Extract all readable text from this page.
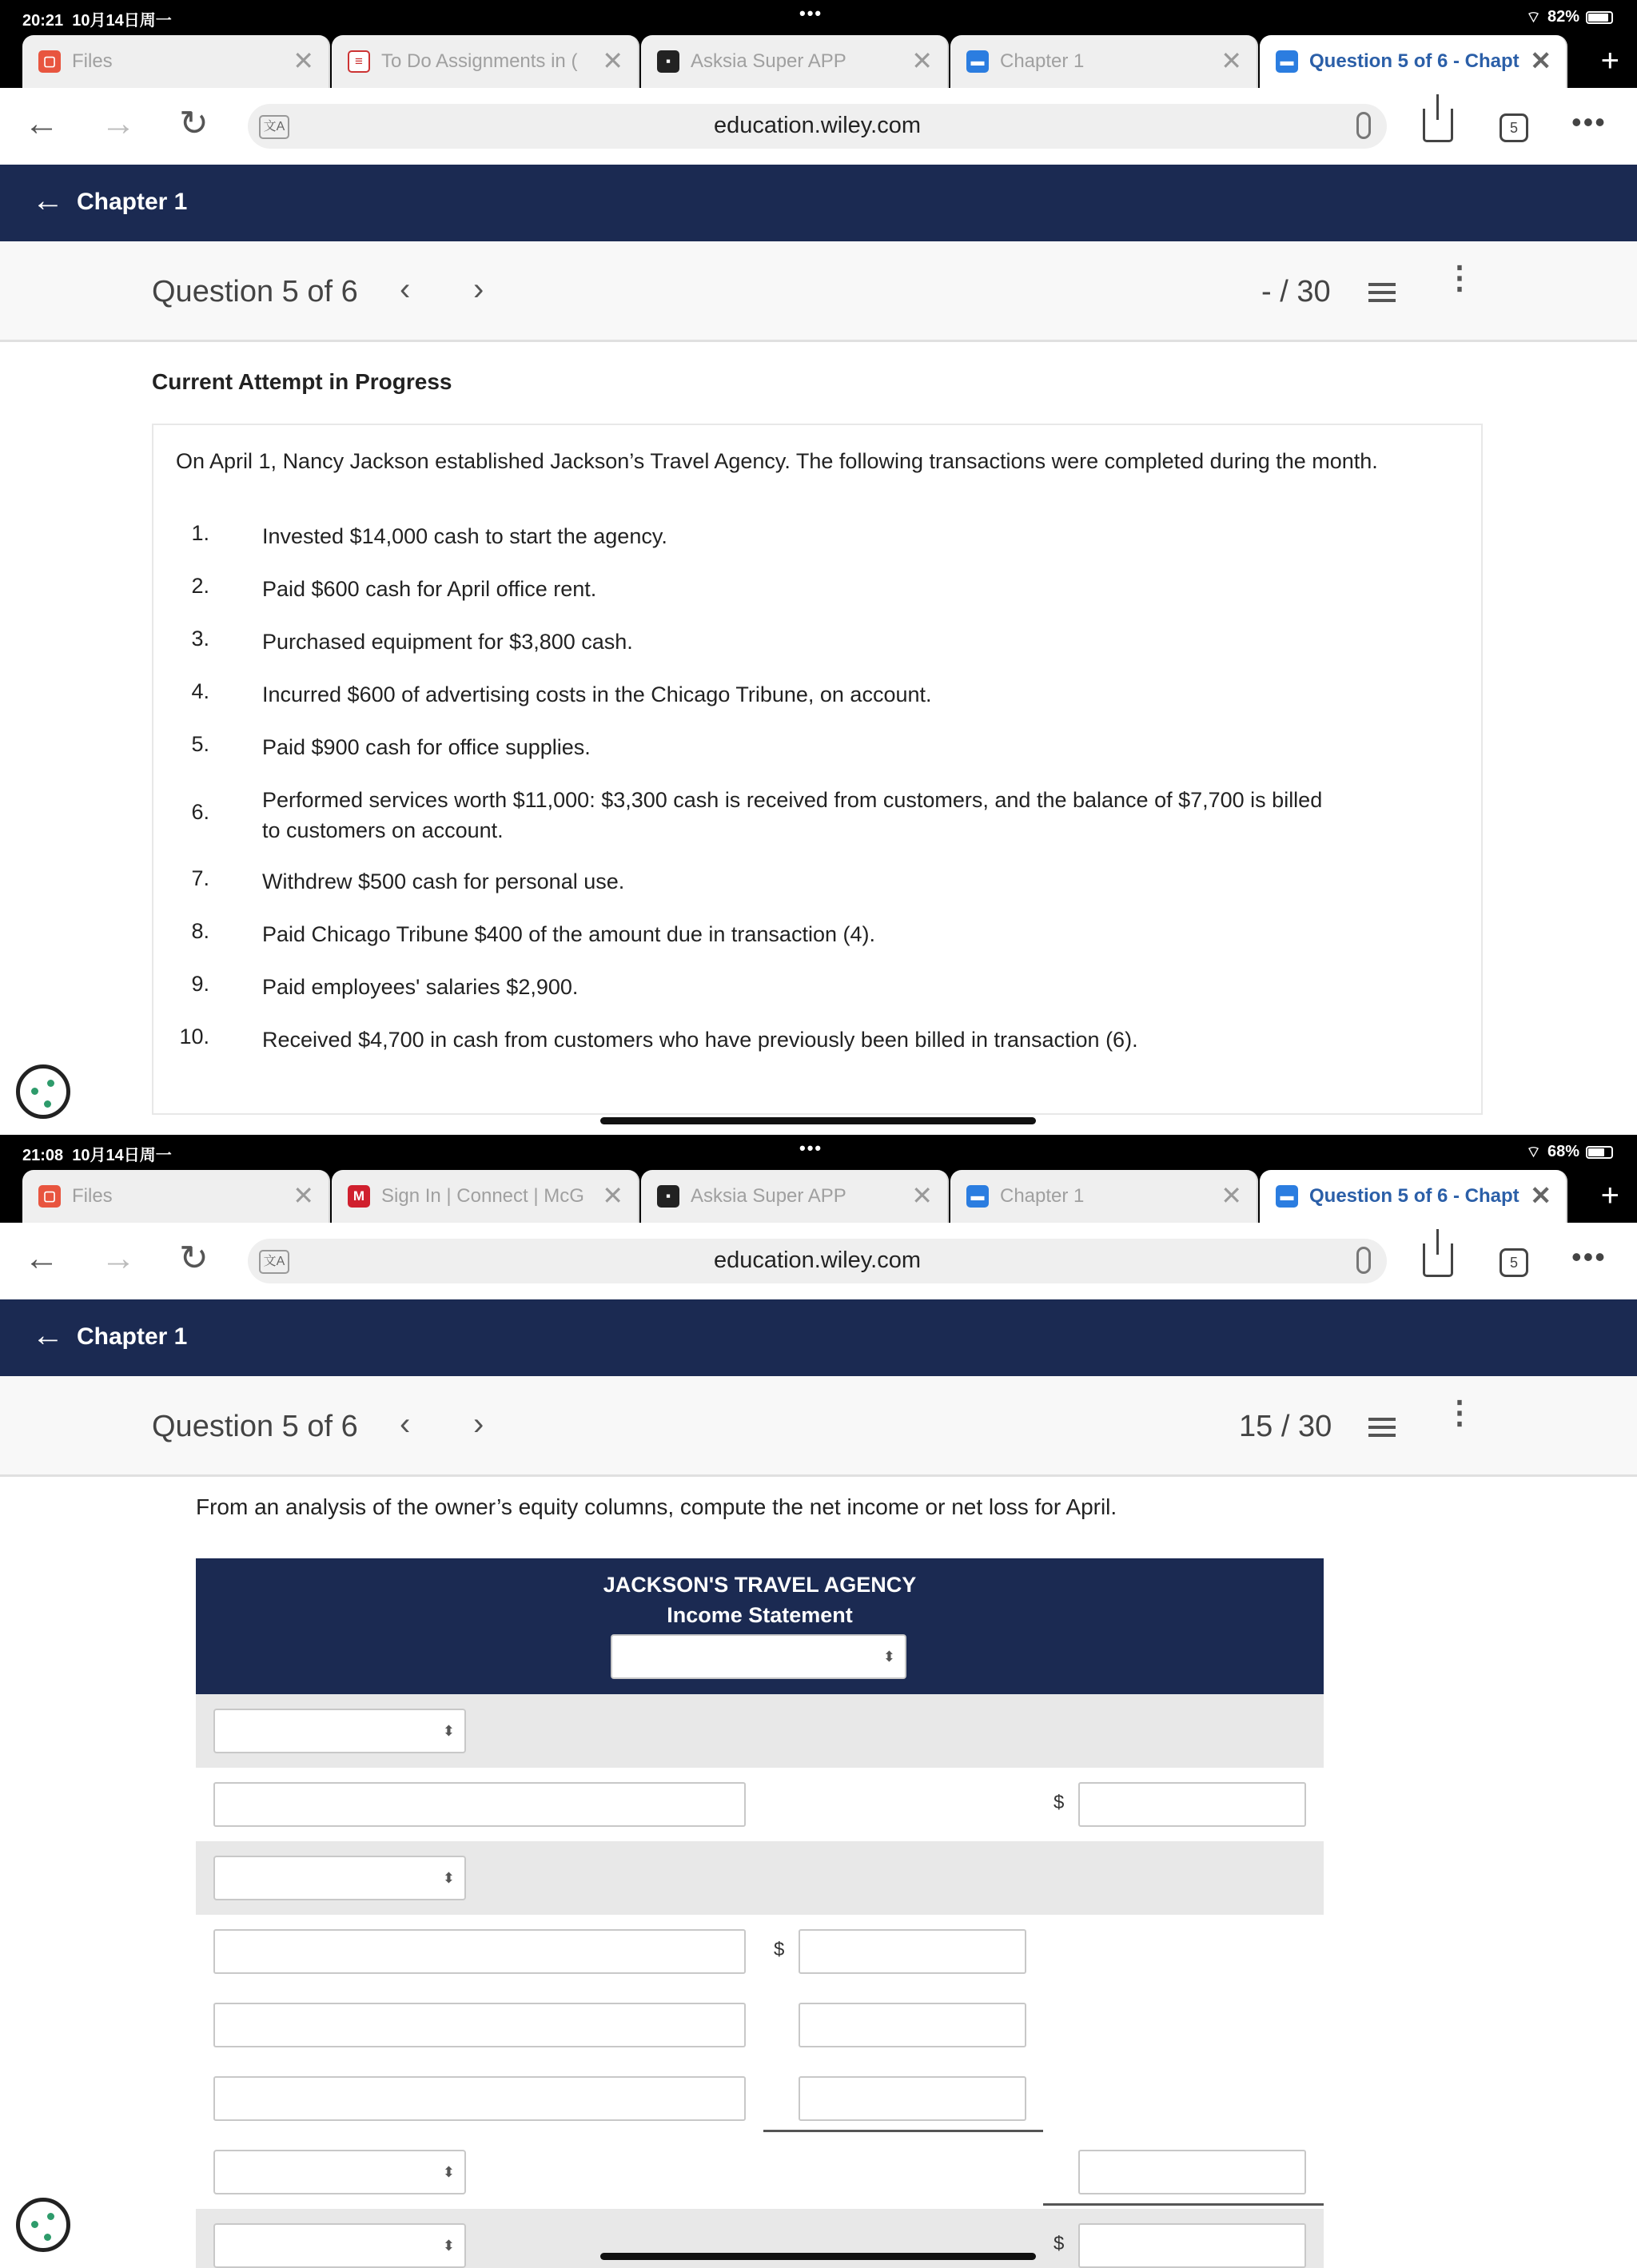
20:21 10月14日周一	•••	⌔ 82%
▢ Files	✕	≡ To Do Assignments in ( ✕	▪	Asksia Super APP	✕	▬ Chapter 1	✕	▬ Question 5 of 6 - Chapt ✕ +
← → ↻	文A	education.wiley.com	5	•••
← Chapter 1
Question 5 of 6 ‹ ›	- / 30	⋮
Current Attempt in Progress
On April 1, Nancy Jackson established Jackson’s Travel Agency. The following transactions were completed during the month.
1. Invested $14,000 cash to start the agency.
2. Paid $600 cash for April office rent.
3. Purchased equipment for $3,800 cash.
4. Incurred $600 of advertising costs in the Chicago Tribune, on account.
5. Paid $900 cash for office supplies.
6. Performed services worth $11,000: $3,300 cash is received from customers, and the balance of $7,700 is billed to customers on account.
7. Withdrew $500 cash for personal use.
8. Paid Chicago Tribune $400 of the amount due in transaction (4).
9. Paid employees' salaries $2,900.
10. Received $4,700 in cash from customers who have previously been billed in transaction (6).
21:08 10月14日周一	•••	⌔ 68%
▢ Files	✕	M Sign In | Connect | McG ✕	▪	Asksia Super APP	✕	▬ Chapter 1	✕	▬ Question 5 of 6 - Chapt ✕ +
← → ↻	文A	education.wiley.com	5	•••
← Chapter 1
Question 5 of 6 ‹ ›	15 / 30	⋮
From an analysis of the owner’s equity columns, compute the net income or net loss for April.
JACKSON'S TRAVEL AGENCY
Income Statement
⬍
⬍
$
⬍
$
⬍
⬍	$
